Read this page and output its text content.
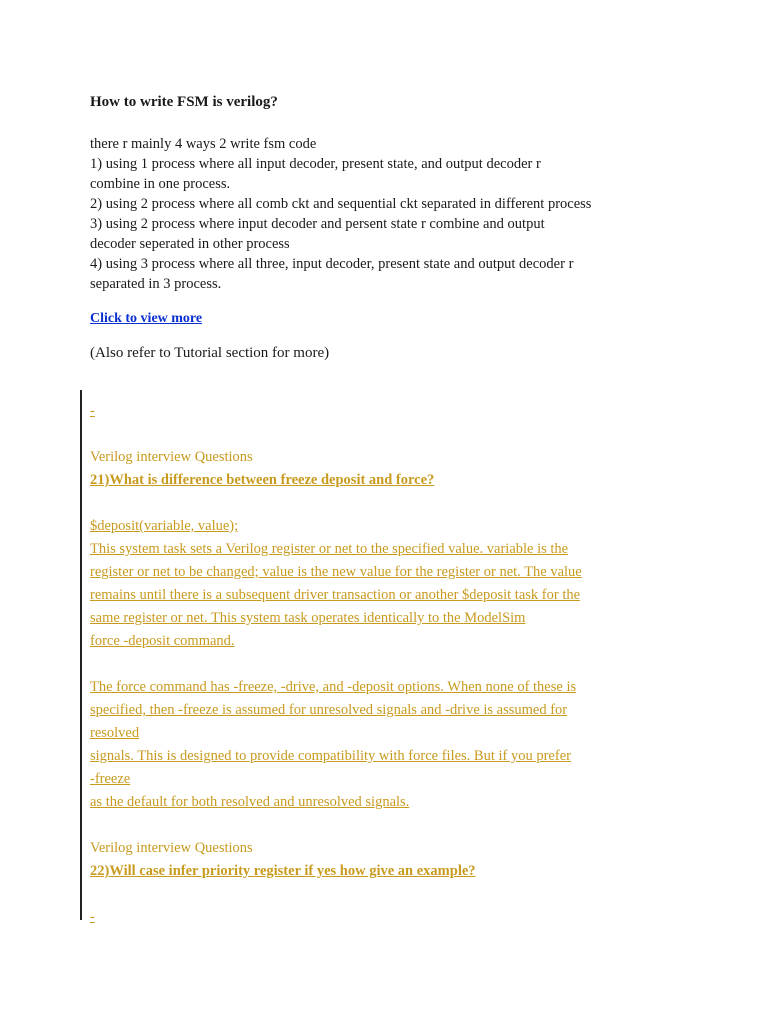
How to write FSM is verilog?
there r mainly 4 ways 2 write fsm code
1) using 1 process where all input decoder, present state, and output decoder r
combine in one process.
2) using 2 process where all comb ckt and sequential ckt separated in different process
3) using 2 process where input decoder and persent state r combine and output
decoder seperated in other process
4) using 3 process where all three, input decoder, present state and output decoder r
separated in 3 process.
Click to view more
(Also refer to Tutorial section for more)
-
Verilog interview Questions
21)What is difference between freeze deposit and force?
$deposit(variable, value);
This system task sets a Verilog register or net to the specified value. variable is the
register or net to be changed; value is the new value for the register or net. The value
remains until there is a subsequent driver transaction or another $deposit task for the
same register or net. This system task operates identically to the ModelSim
force -deposit command.
The force command has -freeze, -drive, and -deposit options. When none of these is
specified, then -freeze is assumed for unresolved signals and -drive is assumed for
resolved
signals. This is designed to provide compatibility with force files. But if you prefer
-freeze
as the default for both resolved and unresolved signals.
Verilog interview Questions
22)Will case infer priority register if yes how give an example?
-
